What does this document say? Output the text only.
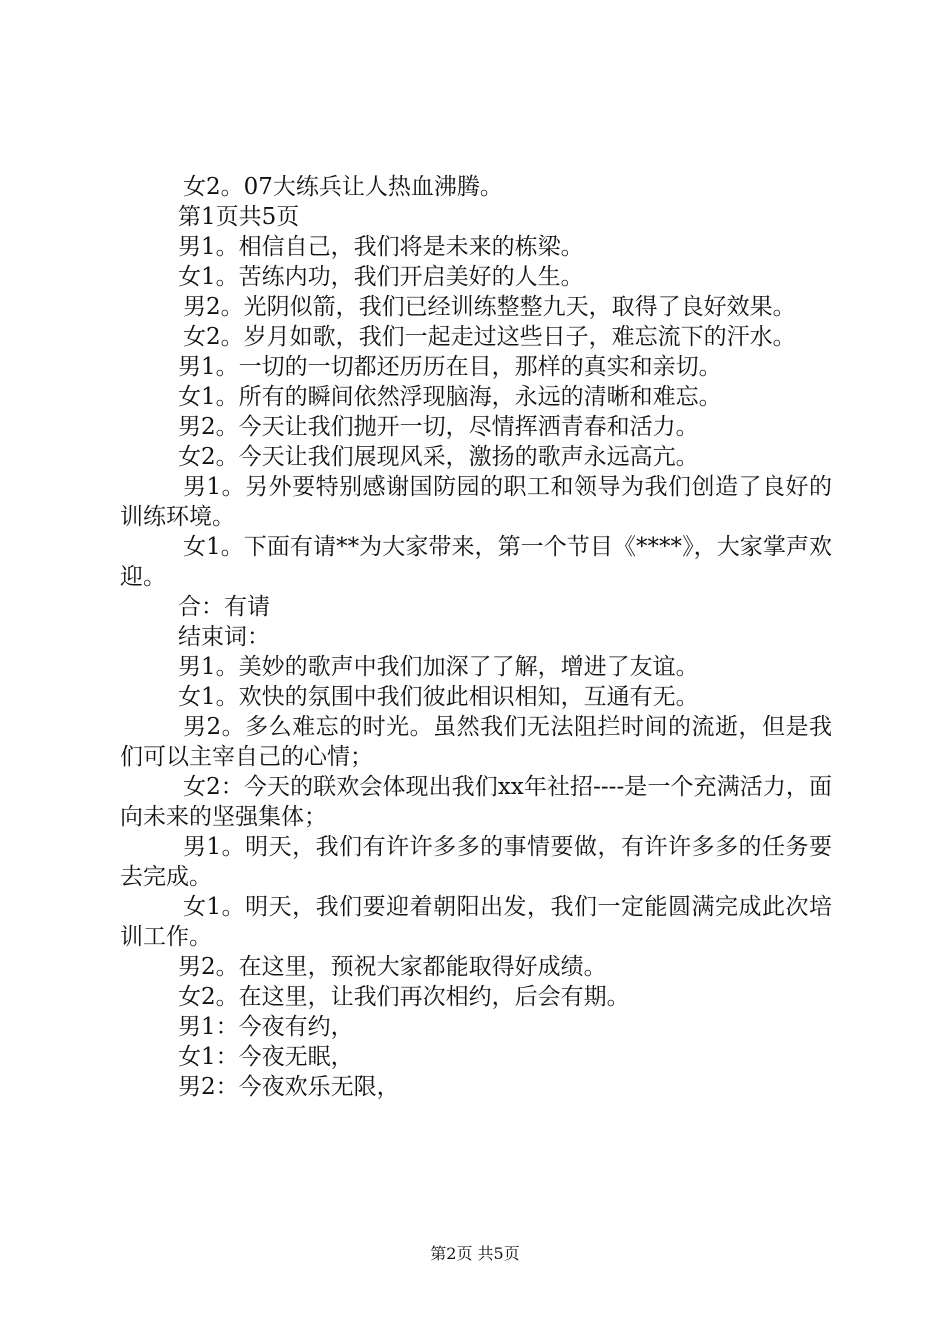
女2。07大练兵让人热血沸腾。
第1页共5页
男1。相信自己，我们将是未来的栋梁。
女1。苦练内功，我们开启美好的人生。

男2。光阴似箭，我们已经训练整整九天，取得了良好效果。

女2。岁月如歌，我们一起走过这些日子，难忘流下的汗水。

男1。一切的一切都还历历在目，那样的真实和亲切。
女1。所有的瞬间依然浮现脑海，永远的清晰和难忘。
男2。今天让我们抛开一切，尽情挥洒青春和活力。
女2。今天让我们展现风采，激扬的歌声永远高亢。

男1。另外要特别感谢国防园的职工和领导为我们创造了良好的训练环境。

女1。下面有请**为大家带来，第一个节目《****》，大家掌声欢迎。

合：有请
结束词：
男1。美妙的歌声中我们加深了了解，增进了友谊。
女1。欢快的氛围中我们彼此相识相知，互通有无。

男2。多么难忘的时光。虽然我们无法阻拦时间的流逝，但是我们可以主宰自己的心情；

女2：今天的联欢会体现出我们xx年社招----是一个充满活力，面向未来的坚强集体；

男1。明天，我们有许许多多的事情要做，有许许多多的任务要去完成。

女1。明天，我们要迎着朝阳出发，我们一定能圆满完成此次培训工作。

男2。在这里，预祝大家都能取得好成绩。
女2。在这里，让我们再次相约，后会有期。
男1：今夜有约，
女1：今夜无眠，
男2：今夜欢乐无限，
第2页 共5页
